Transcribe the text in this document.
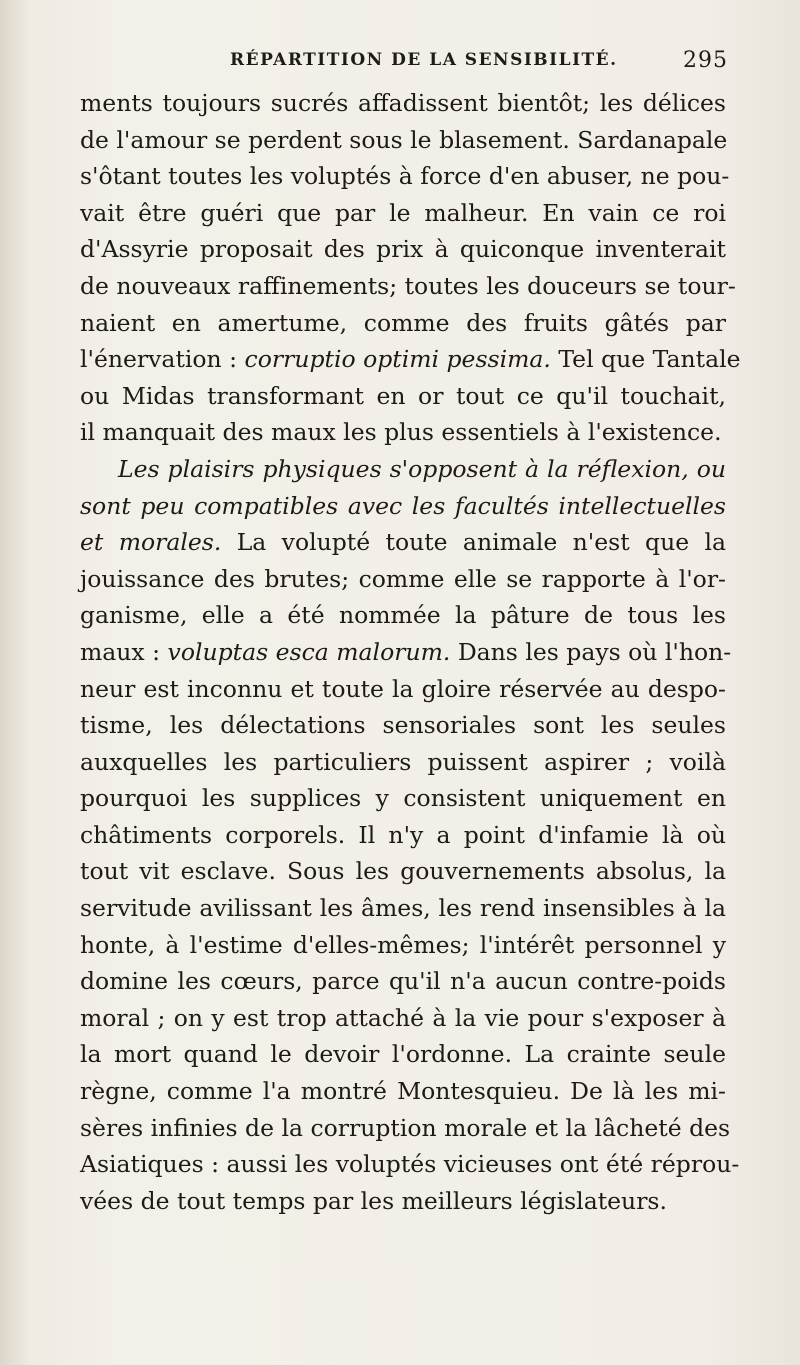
RÉPARTITION DE LA SENSIBILITÉ.	295
ments toujours sucrés affadissent bientôt; les délices
de l'amour se perdent sous le blasement. Sardanapale
s'ôtant toutes les voluptés à force d'en abuser, ne pou-
vait être guéri que par le malheur. En vain ce roi
d'Assyrie proposait des prix à quiconque inventerait
de nouveaux raffinements; toutes les douceurs se tour-
naient en amertume, comme des fruits gâtés par
l'énervation : corruptio optimi pessima. Tel que Tantale
ou Midas transformant en or tout ce qu'il touchait,
il manquait des maux les plus essentiels à l'existence.
Les plaisirs physiques s'opposent à la réflexion, ou
sont peu compatibles avec les facultés intellectuelles
et morales. La volupté toute animale n'est que la
jouissance des brutes; comme elle se rapporte à l'or-
ganisme, elle a été nommée la pâture de tous les
maux : voluptas esca malorum. Dans les pays où l'hon-
neur est inconnu et toute la gloire réservée au despo-
tisme, les délectations sensoriales sont les seules
auxquelles les particuliers puissent aspirer ; voilà
pourquoi les supplices y consistent uniquement en
châtiments corporels. Il n'y a point d'infamie là où
tout vit esclave. Sous les gouvernements absolus, la
servitude avilissant les âmes, les rend insensibles à la
honte, à l'estime d'elles-mêmes; l'intérêt personnel y
domine les cœurs, parce qu'il n'a aucun contre-poids
moral ; on y est trop attaché à la vie pour s'exposer à
la mort quand le devoir l'ordonne. La crainte seule
règne, comme l'a montré Montesquieu. De là les mi-
sères infinies de la corruption morale et la lâcheté des
Asiatiques : aussi les voluptés vicieuses ont été réprou-
vées de tout temps par les meilleurs législateurs.
